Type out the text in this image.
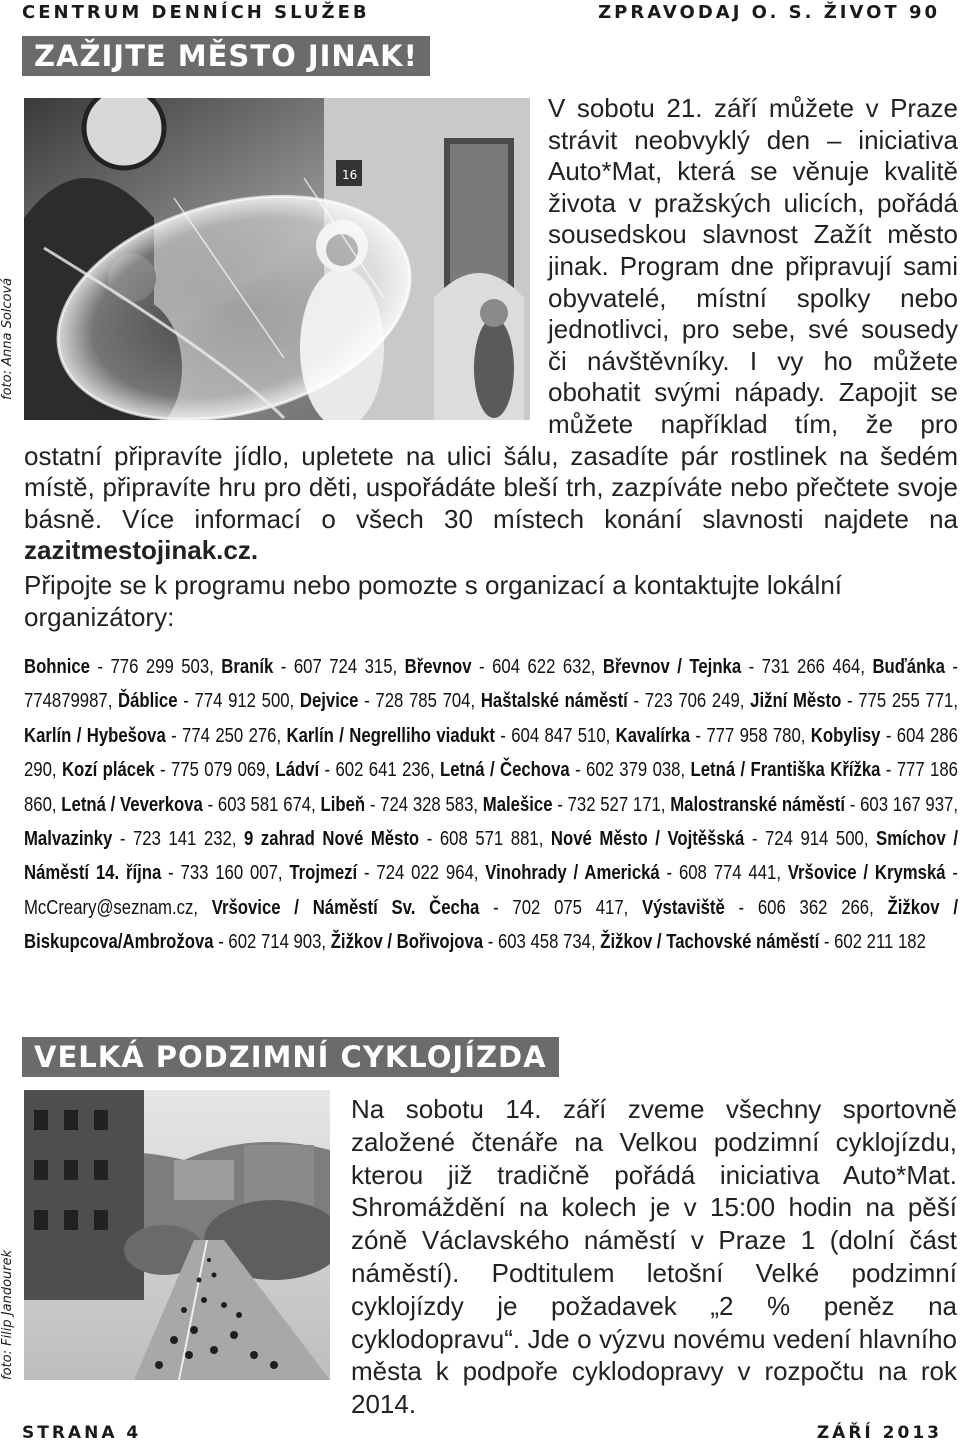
CENTRUM DENNÍCH SLUŽEB	ZPRAVODAJ O. S. ŽIVOT 90
ZAŽIJTE MĚSTO JINAK!
foto: Anna Šolcová
16
V sobotu 21. září můžete v Praze strávit neobvyklý den – iniciativa Auto*Mat, která se věnuje kvalitě života v pražských ulicích, pořádá sousedskou slavnost Zažít město jinak. Program dne připravují sami obyvatelé, místní spolky nebo jednotlivci, pro sebe, své sousedy či návštěvníky. I vy ho můžete obohatit svými nápady. Zapojit se můžete například tím, že pro ostatní připravíte jídlo, upletete na ulici šálu, zasadíte pár rostlinek na šedém místě, připravíte hru pro děti, uspořádáte bleší trh, zazpíváte nebo přečtete svoje básně. Více informací o všech 30 místech konání slavnosti najdete na zazitmestojinak.cz.
Připojte se k programu nebo pomozte s organizací a kontaktujte lokální organizátory:
Bohnice - 776 299 503, Braník - 607 724 315, Břevnov - 604 622 632, Břevnov / Tejnka - 731 266 464, Buďánka - 774879987, Ďáblice - 774 912 500, Dejvice - 728 785 704, Haštalské náměstí - 723 706 249, Jižní Město - 775 255 771, Karlín / Hybešova - 774 250 276, Karlín / Negrelliho viadukt - 604 847 510, Kavalírka - 777 958 780, Kobylisy - 604 286 290, Kozí plácek - 775 079 069, Ládví - 602 641 236, Letná / Čechova - 602 379 038, Letná / Františka Křížka - 777 186 860, Letná / Veverkova - 603 581 674, Libeň - 724 328 583, Malešice - 732 527 171, Malostranské náměstí - 603 167 937, Malvazinky - 723 141 232, 9 zahrad Nové Město - 608 571 881, Nové Město / Vojtěšská - 724 914 500, Smíchov / Náměstí 14. října - 733 160 007, Trojmezí - 724 022 964, Vinohrady / Americká - 608 774 441, Vršovice / Krymská - McCreary@seznam.cz, Vršovice / Náměstí Sv. Čecha - 702 075 417, Výstaviště - 606 362 266, Žižkov / Biskupcova/Ambrožova - 602 714 903, Žižkov / Bořivojova - 603 458 734, Žižkov / Tachovské náměstí - 602 211 182
VELKÁ PODZIMNÍ CYKLOJÍZDA
foto: Filip Jandourek
Na sobotu 14. září zveme všechny sportovně založené čtenáře na Velkou podzimní cyklojízdu, kterou již tradičně pořádá iniciativa Auto*Mat. Shromáždění na kolech je v 15:00 hodin na pěší zóně Václavského náměstí v Praze 1 (dolní část náměstí). Podtitulem letošní Velké podzimní cyklojízdy je požadavek „2 % peněz na cyklodopravu“. Jde o výzvu novému vedení hlavního města k podpoře cyklodopravy v rozpočtu na rok 2014.
STRANA 4	ZÁŘÍ 2013
